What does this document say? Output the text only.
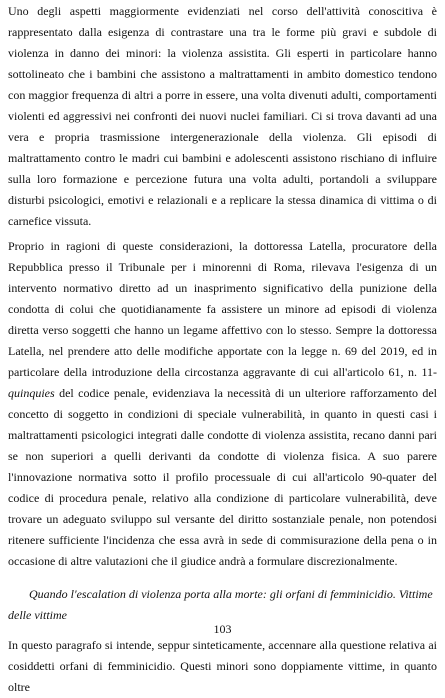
Uno degli aspetti maggiormente evidenziati nel corso dell'attività conoscitiva è rappresentato dalla esigenza di contrastare una tra le forme più gravi e subdole di violenza in danno dei minori: la violenza assistita. Gli esperti in particolare hanno sottolineato che i bambini che assistono a maltrattamenti in ambito domestico tendono con maggior frequenza di altri a porre in essere, una volta divenuti adulti, comportamenti violenti ed aggressivi nei confronti dei nuovi nuclei familiari. Ci si trova davanti ad una vera e propria trasmissione intergenerazionale della violenza. Gli episodi di maltrattamento contro le madri cui bambini e adolescenti assistono rischiano di influire sulla loro formazione e percezione futura una volta adulti, portandoli a sviluppare disturbi psicologici, emotivi e relazionali e a replicare la stessa dinamica di vittima o di carnefice vissuta.

Proprio in ragioni di queste considerazioni, la dottoressa Latella, procuratore della Repubblica presso il Tribunale per i minorenni di Roma, rilevava l'esigenza di un intervento normativo diretto ad un inasprimento significativo della punizione della condotta di colui che quotidianamente fa assistere un minore ad episodi di violenza diretta verso soggetti che hanno un legame affettivo con lo stesso. Sempre la dottoressa Latella, nel prendere atto delle modifiche apportate con la legge n. 69 del 2019, ed in particolare della introduzione della circostanza aggravante di cui all'articolo 61, n. 11-quinquies del codice penale, evidenziava la necessità di un ulteriore rafforzamento del concetto di soggetto in condizioni di speciale vulnerabilità, in quanto in questi casi i maltrattamenti psicologici integrati dalle condotte di violenza assistita, recano danni pari se non superiori a quelli derivanti da condotte di violenza fisica. A suo parere l'innovazione normativa sotto il profilo processuale di cui all'articolo 90-quater del codice di procedura penale, relativo alla condizione di particolare vulnerabilità, deve trovare un adeguato sviluppo sul versante del diritto sostanziale penale, non potendosi ritenere sufficiente l'incidenza che essa avrà in sede di commisurazione della pena o in occasione di altre valutazioni che il giudice andrà a formulare discrezionalmente.

Quando l'escalation di violenza porta alla morte: gli orfani di femminicidio. Vittime delle vittime

In questo paragrafo si intende, seppur sinteticamente, accennare alla questione relativa ai cosiddetti orfani di femminicidio. Questi minori sono doppiamente vittime, in quanto oltre

103
